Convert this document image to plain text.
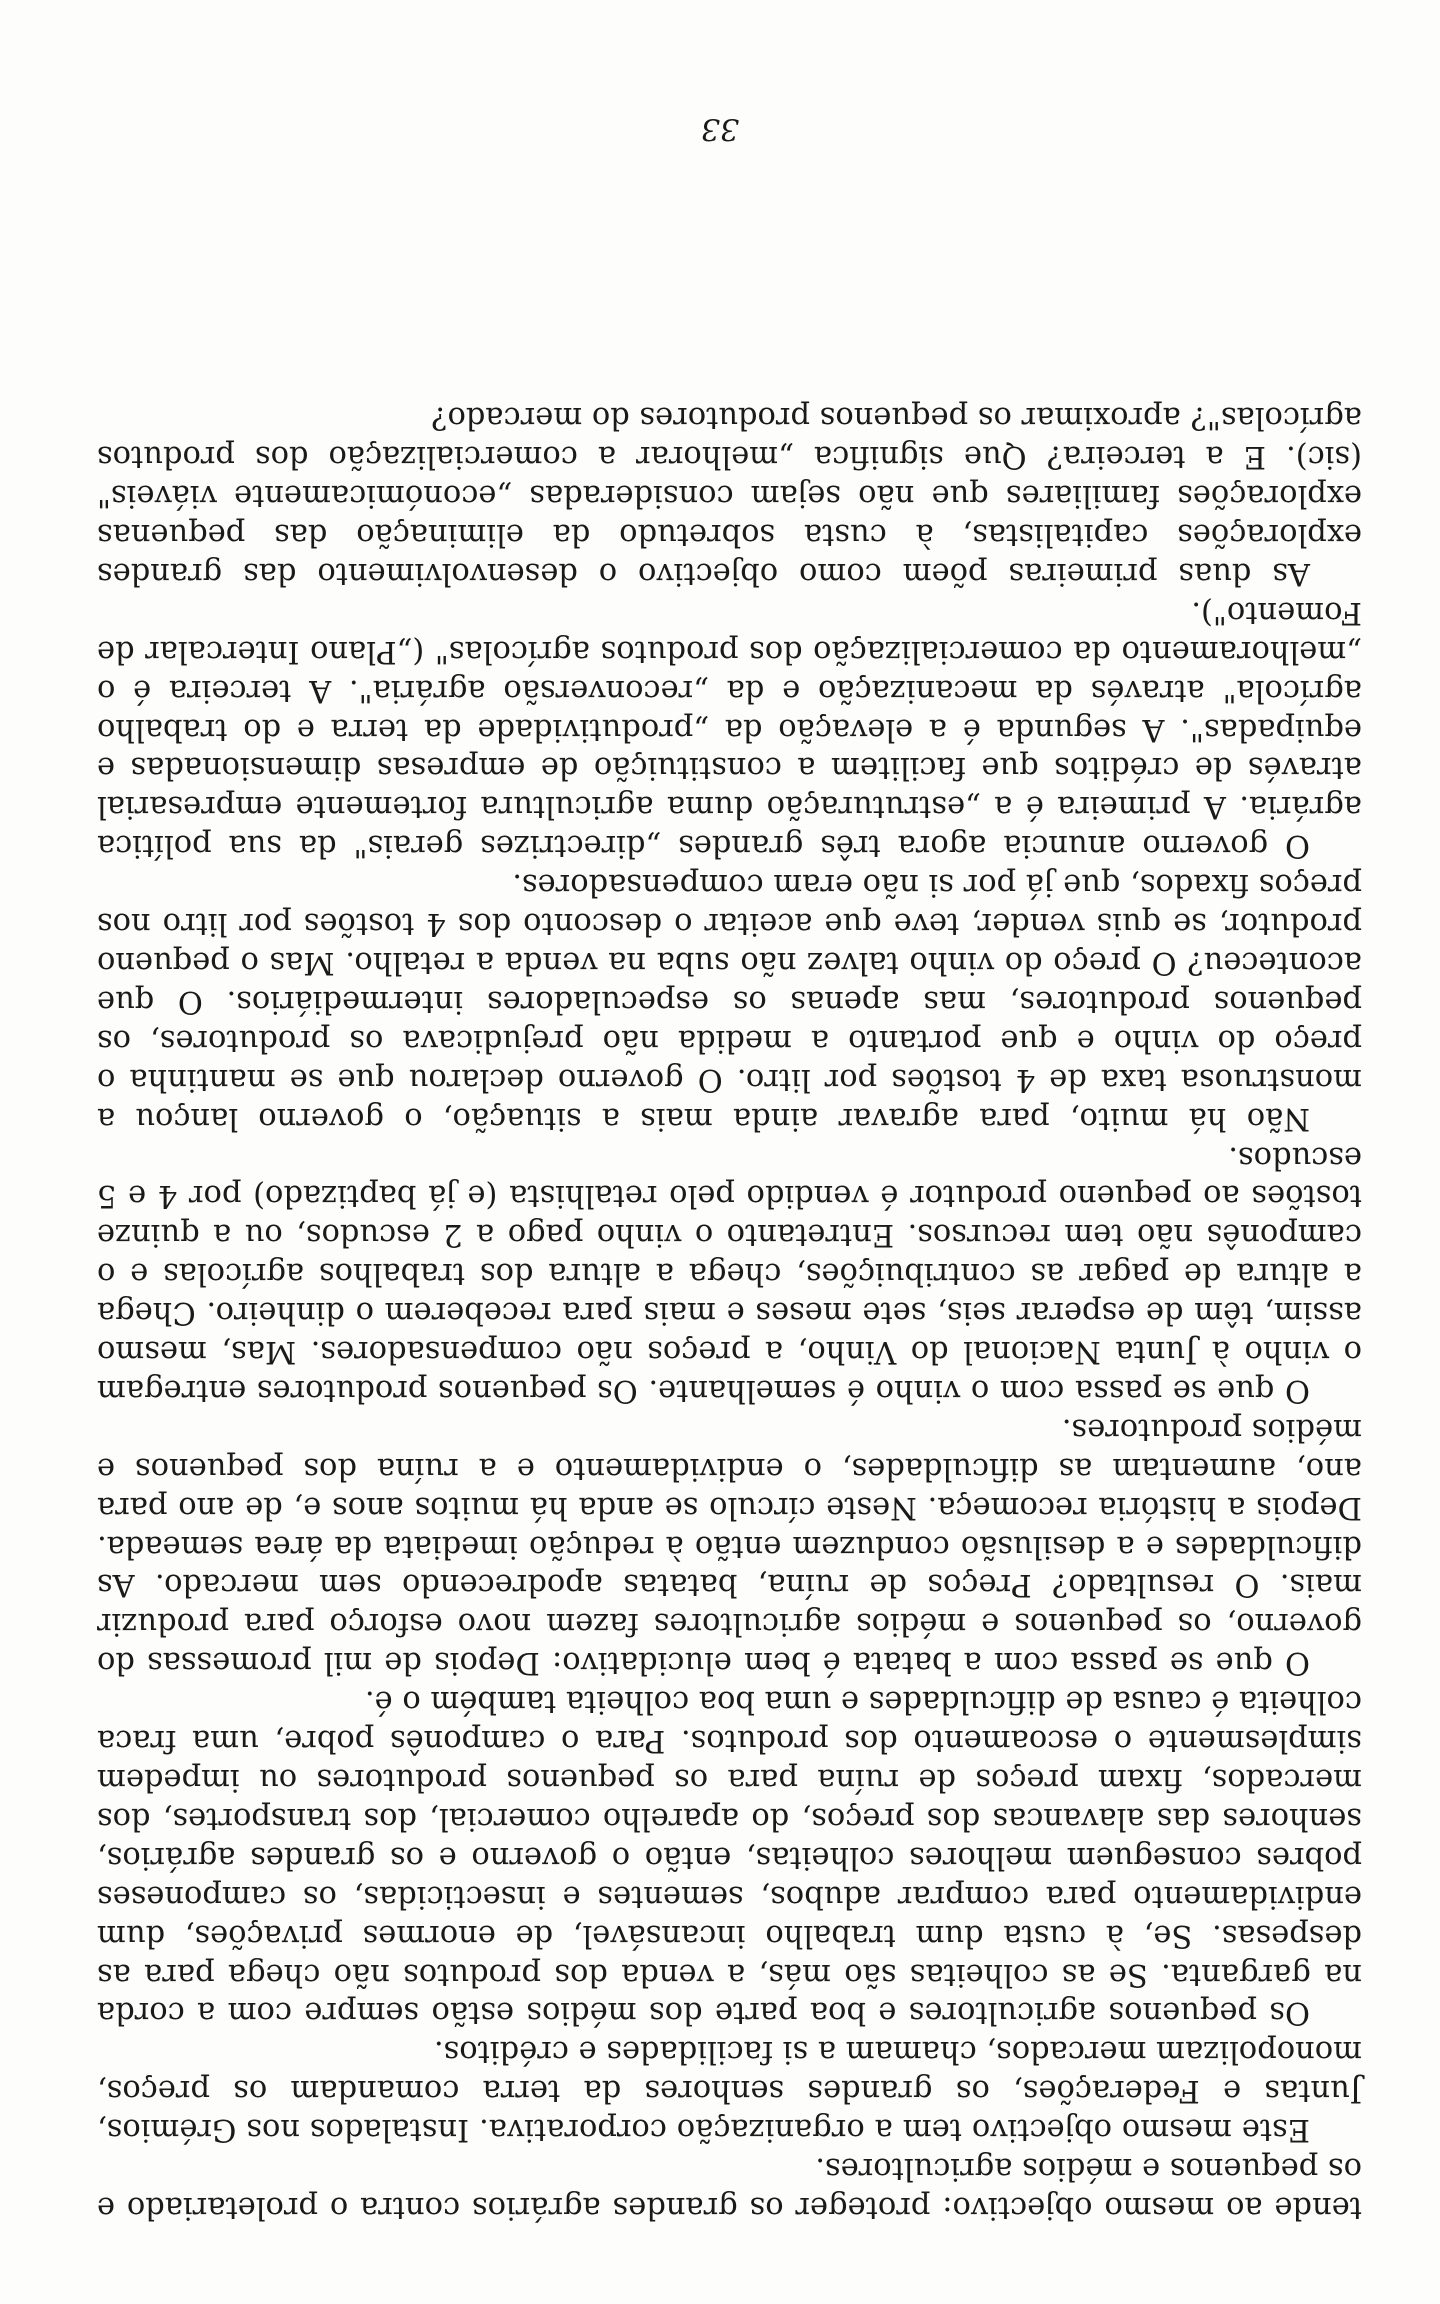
tende ao mesmo objectivo: proteger os grandes agrários contra o proletariado e os pequenos e médios agricultores.

Este mesmo objectivo tem a organização corporativa. Instalados nos Grémios, Juntas e Federações, os grandes senhores da terra comandam os preços, monopolizam mercados, chamam a si facilidades e créditos.

Os pequenos agricultores e boa parte dos médios estão sempre com a corda na garganta. Se as colheitas são más, a venda dos produtos não chega para as despesas. Se, à custa dum trabalho incansável, de enormes privações, dum endividamento para comprar adubos, sementes e insecticidas, os camponeses pobres conseguem melhores colheitas, então o governo e os grandes agrários, senhores das alavancas dos preços, do aparelho comercial, dos transportes, dos mercados, fixam preços de ruína para os pequenos produtores ou impedem simplesmente o escoamento dos produtos. Para o camponês pobre, uma fraca colheita é causa de dificuldades e uma boa colheita também o é.

O que se passa com a batata é bem elucidativo: Depois de mil promessas do governo, os pequenos e médios agricultores fazem novo esforço para produzir mais. O resultado? Preços de ruína, batatas apodrecendo sem mercado. As dificuldades e a desilusão conduzem então à redução imediata da área semeada. Depois a história recomeça. Neste círculo se anda há muitos anos e, de ano para ano, aumentam as dificuldades, o endividamento e a ruína dos pequenos e médios produtores.

O que se passa com o vinho é semelhante. Os pequenos produtores entregam o vinho à Junta Nacional do Vinho, a preços não compensadores. Mas, mesmo assim, têm de esperar seis, sete meses e mais para receberem o dinheiro. Chega a altura de pagar as contribuições, chega a altura dos trabalhos agrícolas e o camponês não tem recursos. Entretanto o vinho pago a 2 escudos, ou a quinze tostões ao pequeno produtor é vendido pelo retalhista (e já baptizado) por 4 e 5 escudos.

Não há muito, para agravar ainda mais a situação, o governo lançou a monstruosa taxa de 4 tostões por litro. O governo declarou que se mantinha o preço do vinho e que portanto a medida não prejudicava os produtores, os pequenos produtores, mas apenas os especuladores intermediários. O que aconteceu? O preço do vinho talvez não suba na venda a retalho. Mas o pequeno produtor, se quis vender, teve que aceitar o desconto dos 4 tostões por litro nos preços fixados, que já por si não eram compensadores.

O governo anuncia agora três grandes „directrizes gerais" da sua política agrária. A primeira é a „estruturação duma agricultura fortemente empresarial através de créditos que facilitem a constituição de empresas dimensionadas e equipadas". A segunda é a elevação da „produtividade da terra e do trabalho agrícola" através da mecanização e da „reconversão agrária". A terceira é o „melhoramento da comercialização dos produtos agrícolas" („Plano Intercalar de Fomento").

As duas primeiras põem como objectivo o desenvolvimento das grandes explorações capitalistas, à custa sobretudo da eliminação das pequenas explorações familiares que não sejam consideradas „económicamente viáveis" (sic). E a terceira? Que significa „melhorar a comercialização dos produtos agrícolas"? aproximar os pequenos produtores do mercado?

33
